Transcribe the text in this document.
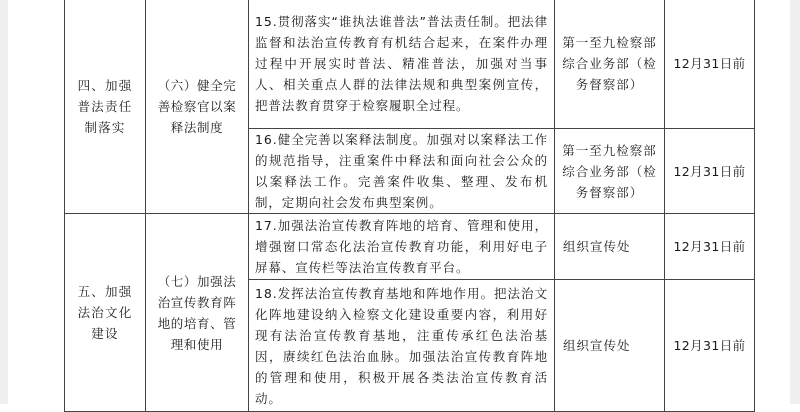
四、加强普法责任制落实	（六）健全完善检察官以案释法制度	15.贯彻落实“谁执法谁普法”普法责任制。把法律监督和法治宣传教育有机结合起来，在案件办理过程中开展实时普法、精准普法，加强对当事人、相关重点人群的法律法规和典型案例宣传，把普法教育贯穿于检察履职全过程。	第一至九检察部综合业务部（检务督察部）	12月31日前
		16.健全完善以案释法制度。加强对以案释法工作的规范指导，注重案件中释法和面向社会公众的以案释法工作。完善案件收集、整理、发布机制，定期向社会发布典型案例。	第一至九检察部综合业务部（检务督察部）	12月31日前
五、加强法治文化建设	（七）加强法治宣传教育阵地的培育、管理和使用	17.加强法治宣传教育阵地的培育、管理和使用，增强窗口常态化法治宣传教育功能，利用好电子屏幕、宣传栏等法治宣传教育平台。	组织宣传处	12月31日前
		18.发挥法治宣传教育基地和阵地作用。把法治文化阵地建设纳入检察文化建设重要内容，利用好现有法治宣传教育基地，注重传承红色法治基因，赓续红色法治血脉。加强法治宣传教育阵地的管理和使用，积极开展各类法治宣传教育活动。	组织宣传处	12月31日前
